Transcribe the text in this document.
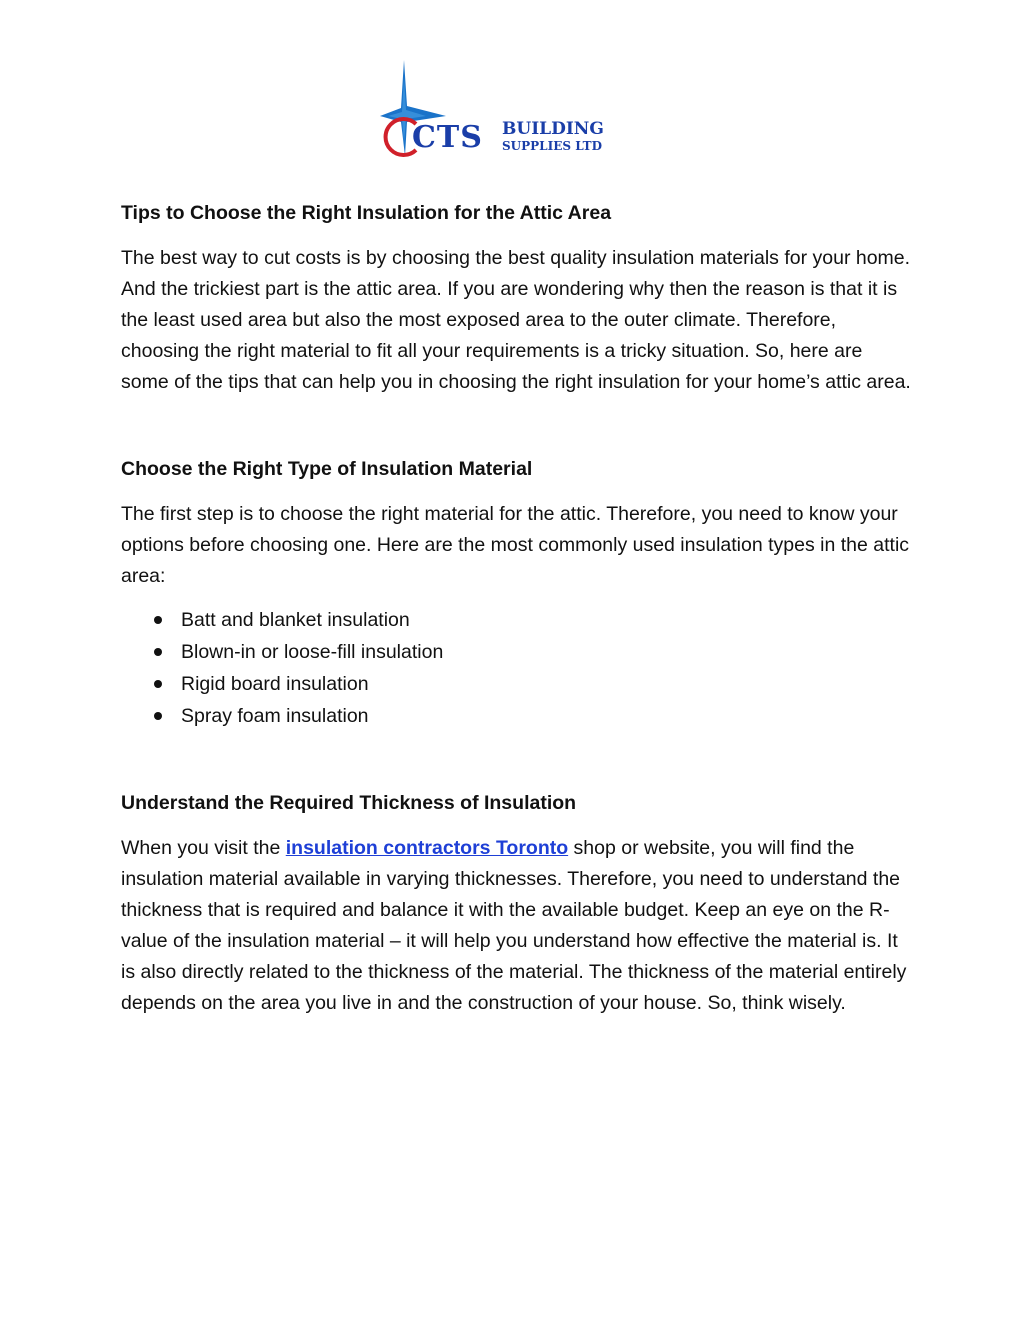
CTS BUILDING
SUPPLIES LTD
Tips to Choose the Right Insulation for the Attic Area

The best way to cut costs is by choosing the best quality insulation materials for your home. And the trickiest part is the attic area. If you are wondering why then the reason is that it is the least used area but also the most exposed area to the outer climate. Therefore, choosing the right material to fit all your requirements is a tricky situation. So, here are some of the tips that can help you in choosing the right insulation for your home’s attic area.

Choose the Right Type of Insulation Material

The first step is to choose the right material for the attic. Therefore, you need to know your options before choosing one. Here are the most commonly used insulation types in the attic area:

Batt and blanket insulation
Blown-in or loose-fill insulation
Rigid board insulation
Spray foam insulation
Understand the Required Thickness of Insulation

When you visit the insulation contractors Toronto shop or website, you will find the insulation material available in varying thicknesses. Therefore, you need to understand the thickness that is required and balance it with the available budget. Keep an eye on the R-value of the insulation material – it will help you understand how effective the material is. It is also directly related to the thickness of the material. The thickness of the material entirely depends on the area you live in and the construction of your house. So, think wisely.
